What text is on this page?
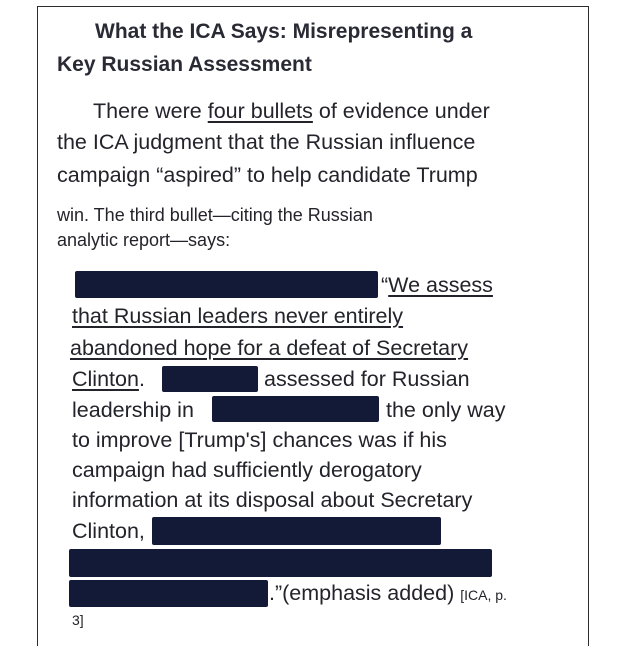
What the ICA Says: Misrepresenting a
Key Russian Assessment
There were four bullets of evidence under
the ICA judgment that the Russian influence
campaign “aspired” to help candidate Trump
win. The third bullet—citing the Russian
analytic report—says:
“We assess
that Russian leaders never entirely
abandoned hope for a defeat of Secretary
Clinton.	assessed for Russian
leadership in	the only way
to improve [Trump's] chances was if his
campaign had sufficiently derogatory
information at its disposal about Secretary
Clinton,
.”(emphasis added) [ICA, p.
3]
